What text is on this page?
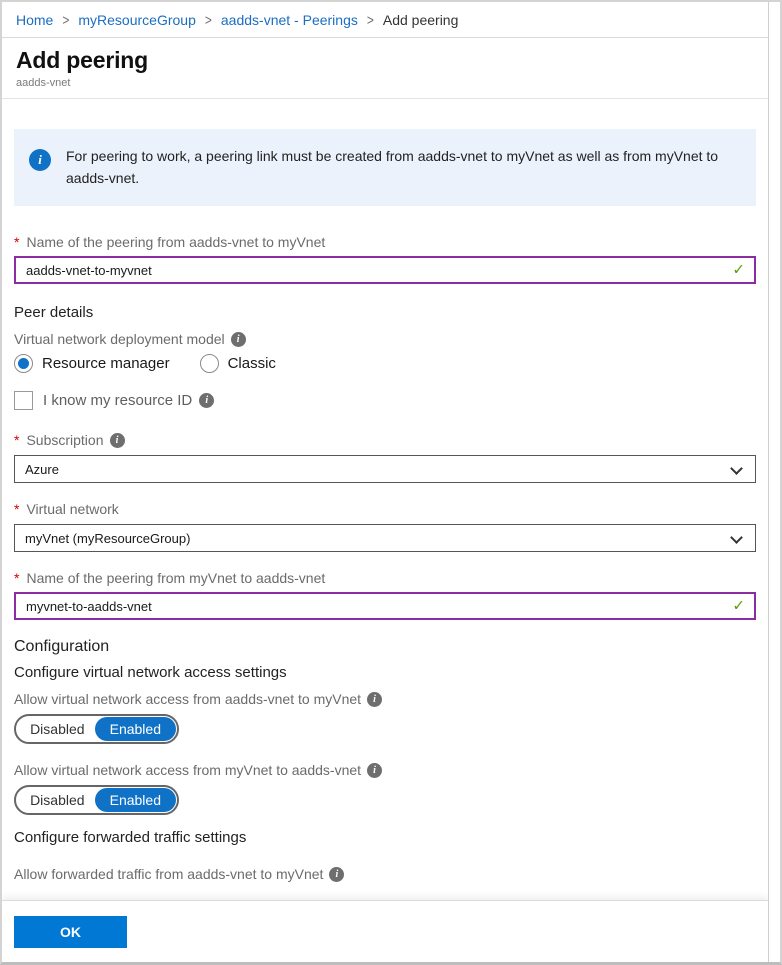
Home > myResourceGroup > aadds-vnet - Peerings > Add peering
Add peering
aadds-vnet
i	For peering to work, a peering link must be created from aadds-vnet to myVnet as well as from myVnet to aadds-vnet.
* Name of the peering from aadds-vnet to myVnet
aadds-vnet-to-myvnet	✓
Peer details
Virtual network deployment model	i
Resource manager	Classic
I know my resource ID	i
* Subscription	i
Azure
* Virtual network
myVnet (myResourceGroup)
* Name of the peering from myVnet to aadds-vnet
myvnet-to-aadds-vnet	✓
Configuration
Configure virtual network access settings
Allow virtual network access from aadds-vnet to myVnet	i
Disabled	Enabled
Allow virtual network access from myVnet to aadds-vnet	i
Disabled	Enabled
Configure forwarded traffic settings
Allow forwarded traffic from aadds-vnet to myVnet	i
OK
